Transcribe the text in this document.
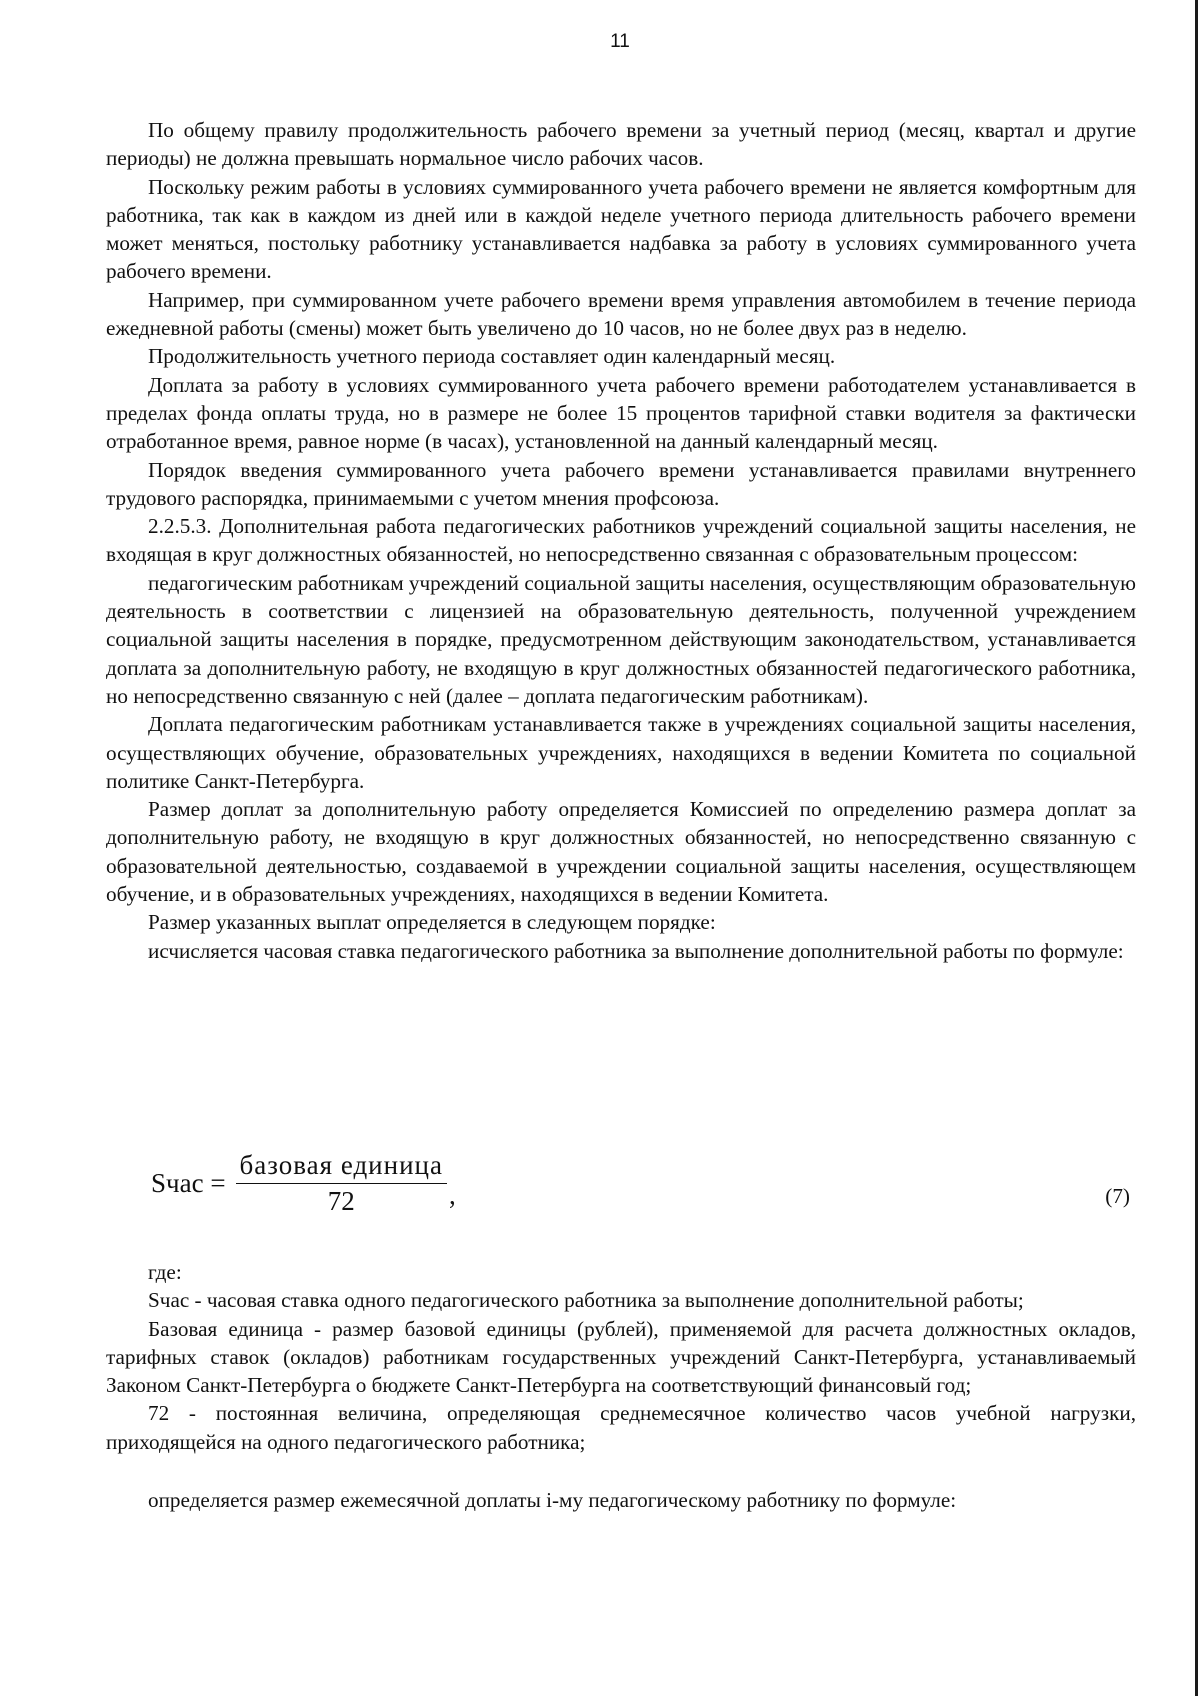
11

По общему правилу продолжительность рабочего времени за учетный период (месяц, квартал и другие периоды) не должна превышать нормальное число рабочих часов.

Поскольку режим работы в условиях суммированного учета рабочего времени не является комфортным для работника, так как в каждом из дней или в каждой неделе учетного периода длительность рабочего времени может меняться, постольку работнику устанавливается надбавка за работу в условиях суммированного учета рабочего времени.

Например, при суммированном учете рабочего времени время управления автомобилем в течение периода ежедневной работы (смены) может быть увеличено до 10 часов, но не более двух раз в неделю.

Продолжительность учетного периода составляет один календарный месяц.

Доплата за работу в условиях суммированного учета рабочего времени работодателем устанавливается в пределах фонда оплаты труда, но в размере не более 15 процентов тарифной ставки водителя за фактически отработанное время, равное норме (в часах), установленной на данный календарный месяц.

Порядок введения суммированного учета рабочего времени устанавливается правилами внутреннего трудового распорядка, принимаемыми с учетом мнения профсоюза.

2.2.5.3. Дополнительная работа педагогических работников учреждений социальной защиты населения, не входящая в круг должностных обязанностей, но непосредственно связанная с образовательным процессом:

педагогическим работникам учреждений социальной защиты населения, осуществляющим образовательную деятельность в соответствии с лицензией на образовательную деятельность, полученной учреждением социальной защиты населения в порядке, предусмотренном действующим законодательством, устанавливается доплата за дополнительную работу, не входящую в круг должностных обязанностей педагогического работника, но непосредственно связанную с ней (далее – доплата педагогическим работникам).

Доплата педагогическим работникам устанавливается также в учреждениях социальной защиты населения, осуществляющих обучение, образовательных учреждениях, находящихся в ведении Комитета по социальной политике Санкт-Петербурга.

Размер доплат за дополнительную работу определяется Комиссией по определению размера доплат за дополнительную работу, не входящую в круг должностных обязанностей, но непосредственно связанную с образовательной деятельностью, создаваемой в учреждении социальной защиты населения, осуществляющем обучение, и в образовательных учреждениях, находящихся в ведении Комитета.

Размер указанных выплат определяется в следующем порядке:

исчисляется часовая ставка педагогического работника за выполнение дополнительной работы по формуле:

Sчас = $\frac{\text{базовая единица}}{72}$ ,	(7)

где:

Sчас - часовая ставка одного педагогического работника за выполнение дополнительной работы;

Базовая единица - размер базовой единицы (рублей), применяемой для расчета должностных окладов, тарифных ставок (окладов) работникам государственных учреждений Санкт-Петербурга, устанавливаемый Законом Санкт-Петербурга о бюджете Санкт-Петербурга на соответствующий финансовый год;

72 - постоянная величина, определяющая среднемесячное количество часов учебной нагрузки, приходящейся на одного педагогического работника;

определяется размер ежемесячной доплаты i-му педагогическому работнику по формуле:
